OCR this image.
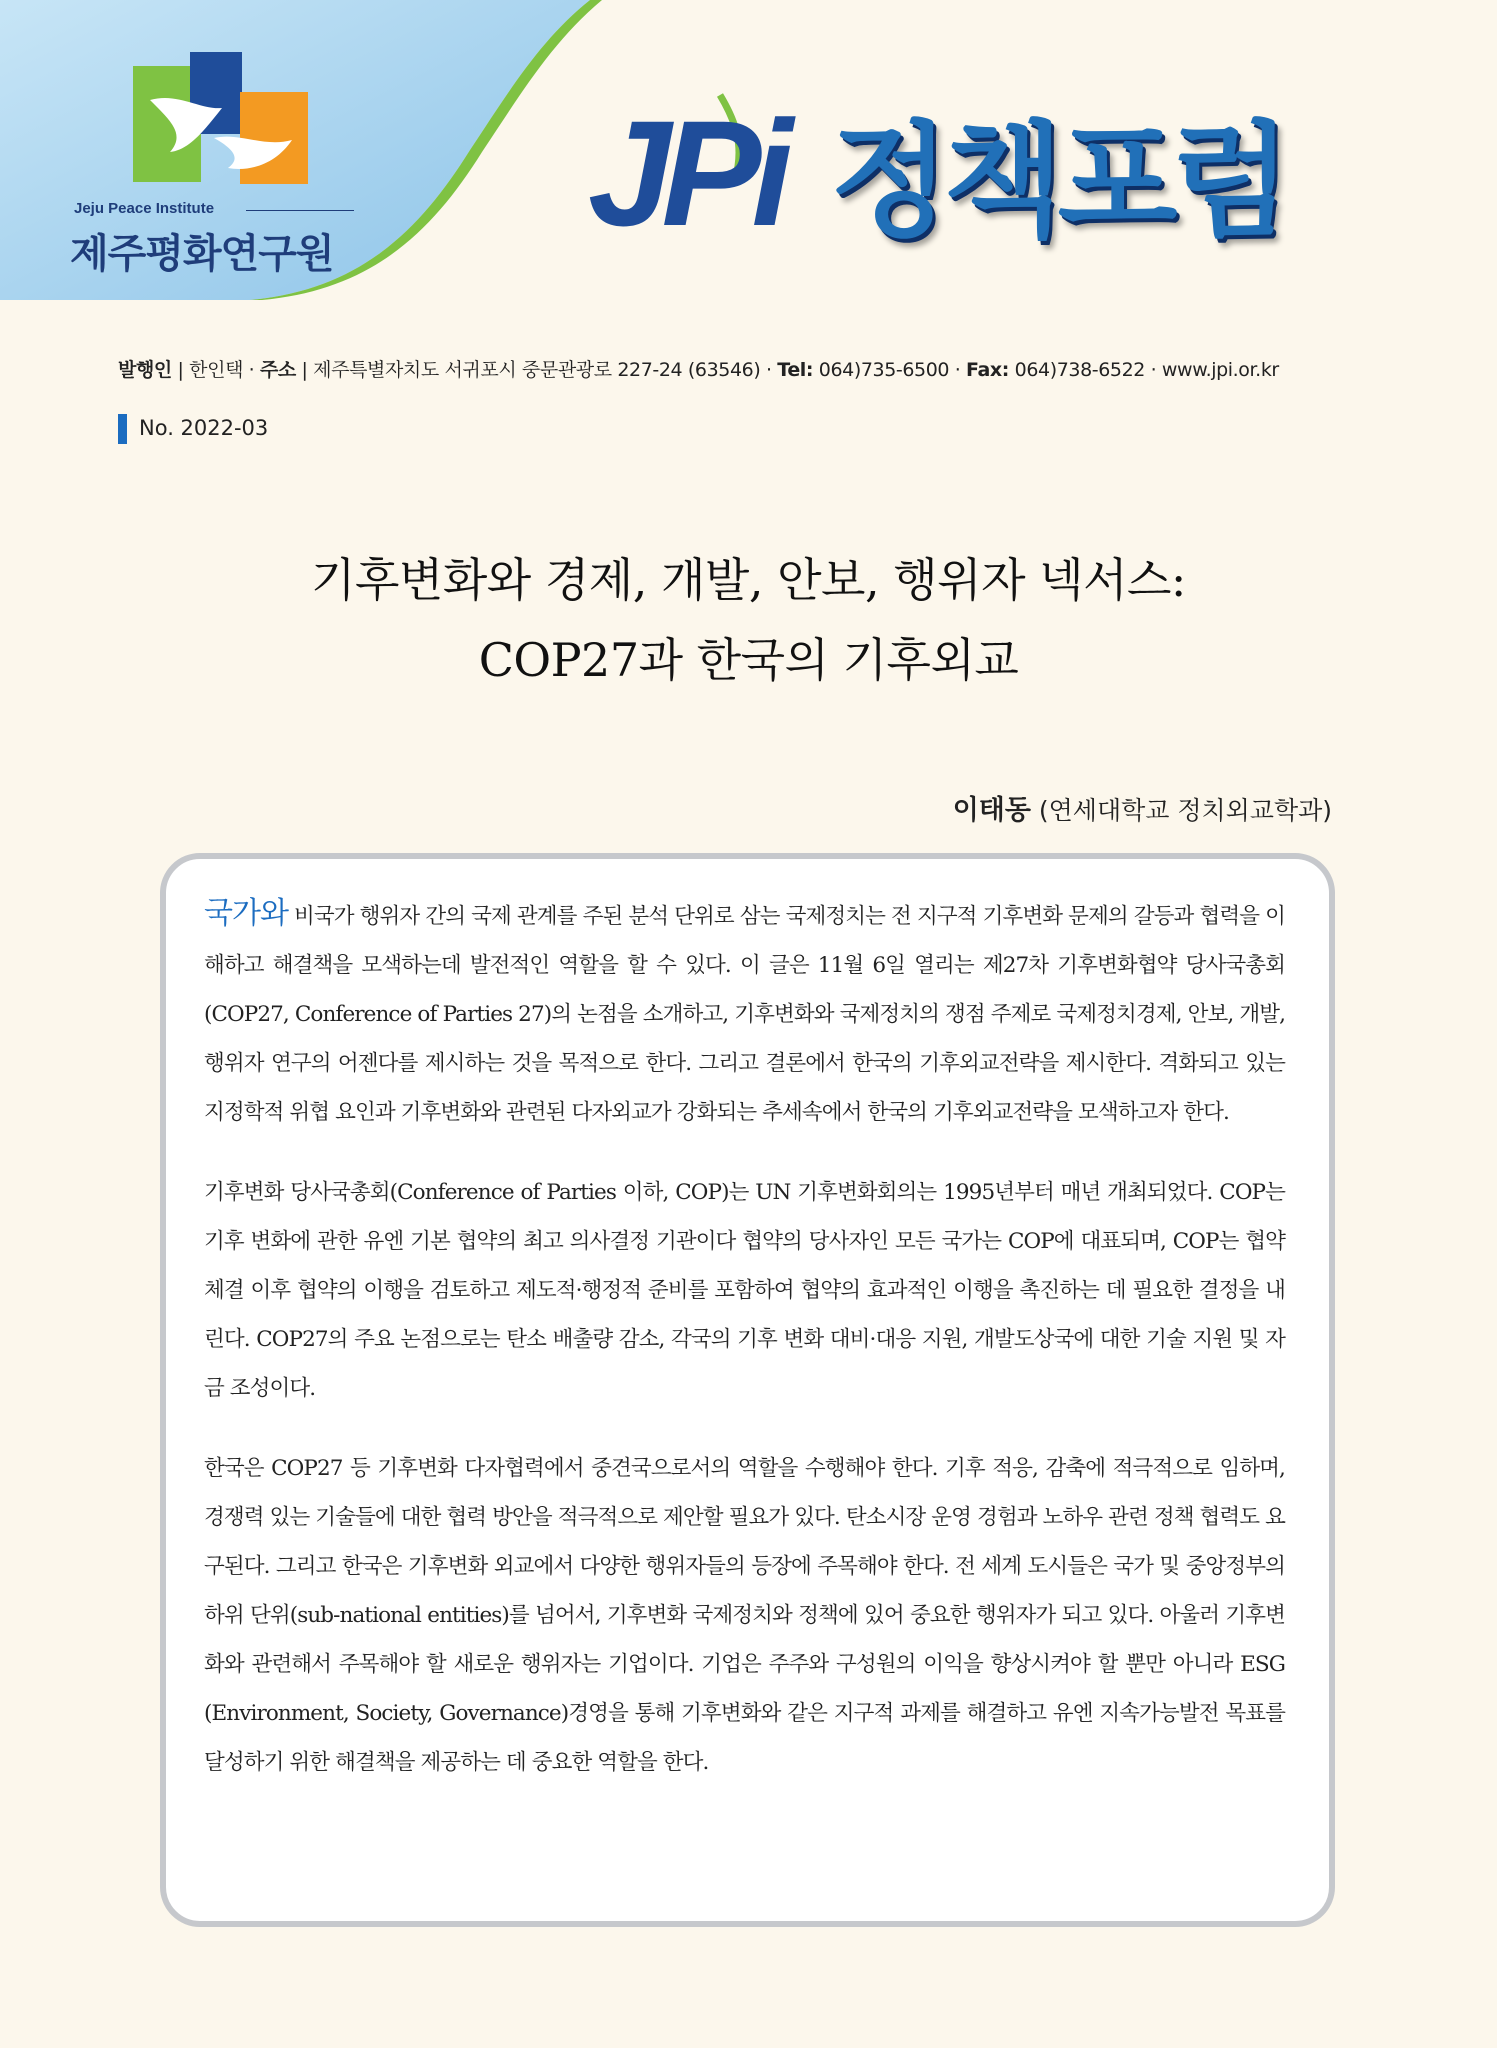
Jeju Peace Institute
제주평화연구원 JPi 정책포럼
발행인 | 한인택 · 주소 | 제주특별자치도 서귀포시 중문관광로 227-24 (63546) · Tel: 064)735-6500 · Fax: 064)738-6522 · www.jpi.or.kr
No. 2022-03
기후변화와 경제, 개발, 안보, 행위자 넥서스:
COP27과 한국의 기후외교
이태동 (연세대학교 정치외교학과)

국가와 비국가 행위자 간의 국제 관계를 주된 분석 단위로 삼는 국제정치는 전 지구적 기후변화 문제의 갈등과 협력을 이해하고 해결책을 모색하는데 발전적인 역할을 할 수 있다. 이 글은 11월 6일 열리는 제27차 기후변화협약 당사국총회(COP27, Conference of Parties 27)의 논점을 소개하고, 기후변화와 국제정치의 쟁점 주제로 국제정치경제, 안보, 개발, 행위자 연구의 어젠다를 제시하는 것을 목적으로 한다. 그리고 결론에서 한국의 기후외교전략을 제시한다. 격화되고 있는 지정학적 위협 요인과 기후변화와 관련된 다자외교가 강화되는 추세속에서 한국의 기후외교전략을 모색하고자 한다.

기후변화 당사국총회(Conference of Parties 이하, COP)는 UN 기후변화회의는 1995년부터 매년 개최되었다. COP는 기후 변화에 관한 유엔 기본 협약의 최고 의사결정 기관이다 협약의 당사자인 모든 국가는 COP에 대표되며, COP는 협약 체결 이후 협약의 이행을 검토하고 제도적·행정적 준비를 포함하여 협약의 효과적인 이행을 촉진하는 데 필요한 결정을 내린다. COP27의 주요 논점으로는 탄소 배출량 감소, 각국의 기후 변화 대비·대응 지원, 개발도상국에 대한 기술 지원 및 자금 조성이다.

한국은 COP27 등 기후변화 다자협력에서 중견국으로서의 역할을 수행해야 한다. 기후 적응, 감축에 적극적으로 임하며, 경쟁력 있는 기술들에 대한 협력 방안을 적극적으로 제안할 필요가 있다. 탄소시장 운영 경험과 노하우 관련 정책 협력도 요구된다. 그리고 한국은 기후변화 외교에서 다양한 행위자들의 등장에 주목해야 한다. 전 세계 도시들은 국가 및 중앙정부의 하위 단위(sub-national entities)를 넘어서, 기후변화 국제정치와 정책에 있어 중요한 행위자가 되고 있다. 아울러 기후변화와 관련해서 주목해야 할 새로운 행위자는 기업이다. 기업은 주주와 구성원의 이익을 향상시켜야 할 뿐만 아니라 ESG (Environment, Society, Governance)경영을 통해 기후변화와 같은 지구적 과제를 해결하고 유엔 지속가능발전 목표를 달성하기 위한 해결책을 제공하는 데 중요한 역할을 한다.
